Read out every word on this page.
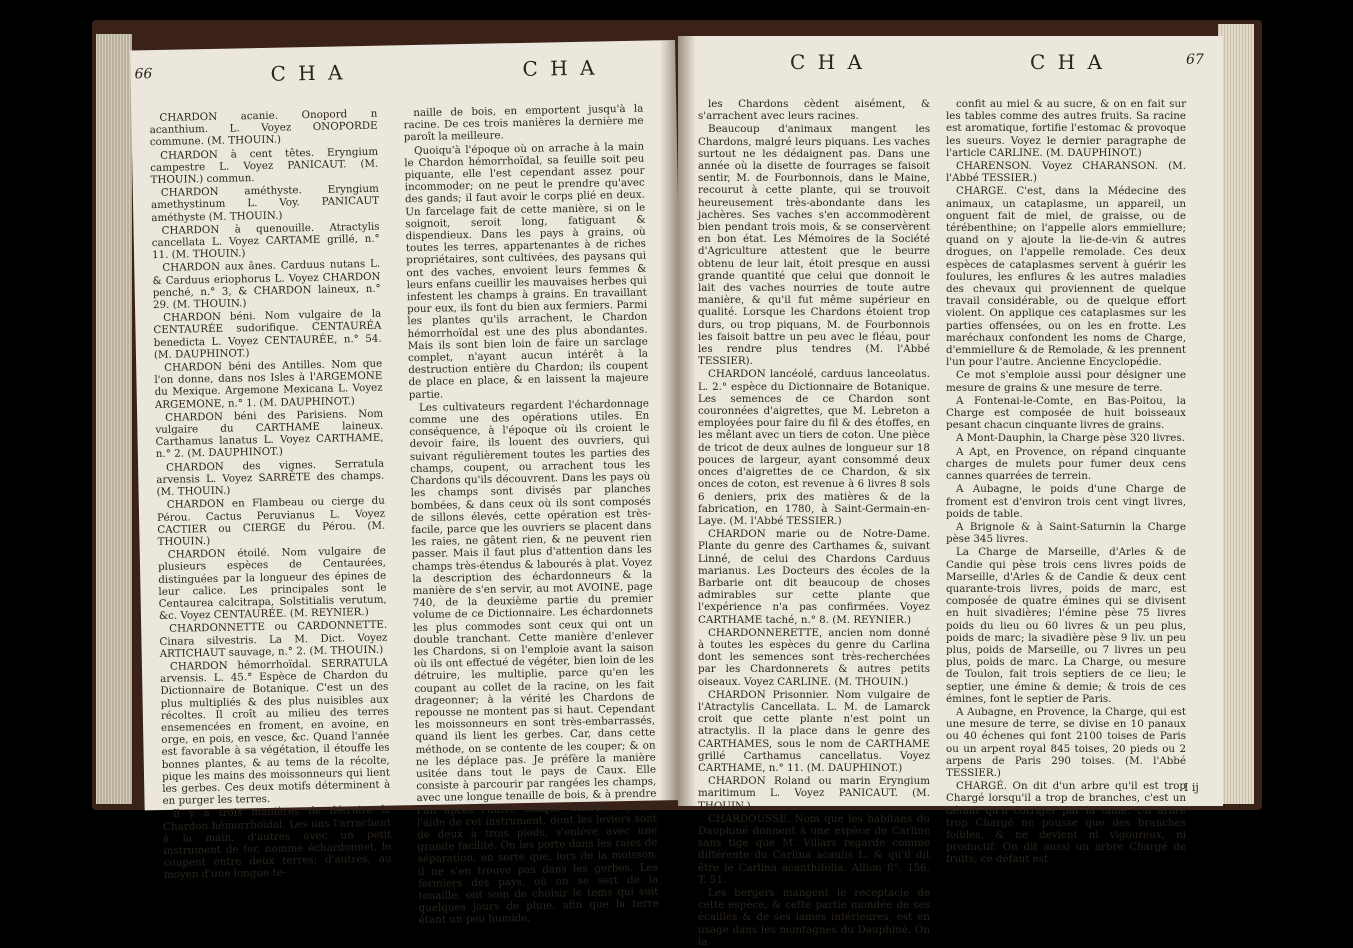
66	C H A	C H A

CHARDON acanie. Onopord n acanthium. L. Voyez ONOPORDE commune. (M. THOUIN.)

CHARDON à cent têtes. Eryngium campestre L. Voyez PANICAUT. (M. THOUIN.) commun.

CHARDON améthyste. Eryngium amethystinum L. Voy. PANICAUT améthyste (M. THOUIN.)

CHARDON à quenouille. Atractylis cancellata L. Voyez CARTAME grillé, n.° 11. (M. THOUIN.)

CHARDON aux ânes. Carduus nutans L. & Carduus eriophorus L. Voyez CHARDON penché, n.° 3, & CHARDON laineux, n.° 29. (M. THOUIN.)

CHARDON béni. Nom vulgaire de la CENTAURÉE sudorifique. CENTAURÉA benedicta L. Voyez CENTAURÉE, n.° 54. (M. DAUPHINOT.)

CHARDON béni des Antilles. Nom que l'on donne, dans nos Isles à l'ARGEMONE du Mexique. Argemone Mexicana L. Voyez ARGEMONE, n.° 1. (M. DAUPHINOT.)

CHARDON béni des Parisiens. Nom vulgaire du CARTHAME laineux. Carthamus lanatus L. Voyez CARTHAME, n.° 2. (M. DAUPHINOT.)

CHARDON des vignes. Serratula arvensis L. Voyez SARRÈTE des champs. (M. THOUIN.)

CHARDON en Flambeau ou cierge du Pérou. Cactus Peruvianus L. Voyez CACTIER ou CIERGE du Pérou. (M. THOUIN.)

CHARDON étoilé. Nom vulgaire de plusieurs espèces de Centaurées, distinguées par la longueur des épines de leur calice. Les principales sont le Centaurea calcitrapa, Solstitialis verutum, &c. Voyez CENTAURÉE. (M. REYNIER.)

CHARDONNETTE ou CARDONNETTE. Cinara silvestris. La M. Dict. Voyez ARTICHAUT sauvage, n.° 2. (M. THOUIN.)

CHARDON hémorrhoïdal. SERRATULA arvensis. L. 45.° Espèce de Chardon du Dictionnaire de Botanique. C'est un des plus multipliés & des plus nuisibles aux récoltes. Il croît au milieu des terres ensemencées en froment, en avoine, en orge, en pois, en vesce, &c. Quand l'année est favorable à sa végétation, il étouffe les bonnes plantes, & au tems de la récolte, pique les mains des moissonneurs qui lient les gerbes. Ces deux motifs déterminent à en purger les terres.

Il y a trois manières de détruire le Chardon hémorrhoïdal. Les uns l'arrachent à la main, d'autres avec un petit instrument de fer, nommé échardonnet, le coupent entre deux terres; d'autres, au moyen d'une longue te-

naille de bois, en emportent jusqu'à la racine. De ces trois manières la dernière me paroît la meilleure.

Quoiqu'à l'époque où on arrache à la main le Chardon hémorrhoïdal, sa feuille soit peu piquante, elle l'est cependant assez pour incommoder; on ne peut le prendre qu'avec des gands; il faut avoir le corps plié en deux. Un farcelage fait de cette manière, si on le soignoit, seroit long, fatiguant & dispendieux. Dans les pays à grains, où toutes les terres, appartenantes à de riches propriétaires, sont cultivées, des paysans qui ont des vaches, envoient leurs femmes & leurs enfans cueillir les mauvaises herbes qui infestent les champs à grains. En travaillant pour eux, ils font du bien aux fermiers. Parmi les plantes qu'ils arrachent, le Chardon hémorrhoïdal est une des plus abondantes. Mais ils sont bien loin de faire un sarclage complet, n'ayant aucun intérêt à la destruction entière du Chardon; ils coupent de place en place, & en laissent la majeure partie.

Les cultivateurs regardent l'échardonnage comme une des opérations utiles. En conséquence, à l'époque où ils croient le devoir faire, ils louent des ouvriers, qui suivant régulièrement toutes les parties des champs, coupent, ou arrachent tous les Chardons qu'ils découvrent. Dans les pays où les champs sont divisés par planches bombées, & dans ceux où ils sont composés de sillons élevés, cette opération est très-facile, parce que les ouvriers se placent dans les raies, ne gâtent rien, & ne peuvent rien passer. Mais il faut plus d'attention dans les champs très-étendus & labourés à plat. Voyez la description des échardonneurs & la manière de s'en servir, au mot AVOINE, page 740, de la deuxième partie du premier volume de ce Dictionnaire. Les échardonnets les plus commodes sont ceux qui ont un double tranchant. Cette manière d'enlever les Chardons, si on l'emploie avant la saison où ils ont effectué de végéter, bien loin de les détruire, les multiplie, parce qu'en les coupant au collet de la racine, on les fait drageonner; à la vérité les Chardons de repousse ne montent pas si haut. Cependant les moissonneurs en sont très-embarrassés, quand ils lient les gerbes. Car, dans cette méthode, on se contente de les couper; & on ne les déplace pas. Je préfère la manière usitée dans tout le pays de Caux. Elle consiste à parcourir par rangées les champs, avec une longue tenaille de bois, & à prendre l'un après l'autre chaque Chardon qui, à l'aide de cet instrument, dont les leviers sont de deux à trois pieds, s'enlève avec une grande facilité. On les porte dans les raies de séparation, en sorte que, lors de la moisson, il ne s'en trouve pas dans les gerbes. Les fermiers des pays, où on se sert de la tenaille, ont soin de choisir le tems qui suit quelques jours de pluie, afin que la terre étant un peu humide,

C H A	C H A	67

les Chardons cèdent aisément, & s'arrachent avec leurs racines.

Beaucoup d'animaux mangent les Chardons, malgré leurs piquans. Les vaches surtout ne les dédaignent pas. Dans une année où la disette de fourrages se faisoit sentir, M. de Fourbonnois, dans le Maine, recourut à cette plante, qui se trouvoit heureusement très-abondante dans les jachères. Ses vaches s'en accommodèrent bien pendant trois mois, & se conservèrent en bon état. Les Mémoires de la Société d'Agriculture attestent que le beurre obtenu de leur lait, étoit presque en aussi grande quantité que celui que donnoit le lait des vaches nourries de toute autre manière, & qu'il fut même supérieur en qualité. Lorsque les Chardons étoient trop durs, ou trop piquans, M. de Fourbonnois les faisoit battre un peu avec le fléau, pour les rendre plus tendres (M. l'Abbé TESSIER).

CHARDON lancéolé, carduus lanceolatus. L. 2.° espèce du Dictionnaire de Botanique. Les semences de ce Chardon sont couronnées d'aigrettes, que M. Lebreton a employées pour faire du fil & des étoffes, en les mêlant avec un tiers de coton. Une pièce de tricot de deux aulnes de longueur sur 18 pouces de largeur, ayant consommé deux onces d'aigrettes de ce Chardon, & six onces de coton, est revenue à 6 livres 8 sols 6 deniers, prix des matières & de la fabrication, en 1780, à Saint-Germain-en-Laye. (M. l'Abbé TESSIER.)

CHARDON marie ou de Notre-Dame. Plante du genre des Carthames &, suivant Linné, de celui des Chardons Carduus marianus. Les Docteurs des écoles de la Barbarie ont dit beaucoup de choses admirables sur cette plante que l'expérience n'a pas confirmées. Voyez CARTHAME taché, n.° 8. (M. REYNIER.)

CHARDONNERETTE, ancien nom donné à toutes les espèces du genre du Carlina dont les semences sont très-recherchées par les Chardonnerets & autres petits oiseaux. Voyez CARLINE. (M. THOUIN.)

CHARDON Prisonnier. Nom vulgaire de l'Atractylis Cancellata. L. M. de Lamarck croit que cette plante n'est point un atractylis. Il la place dans le genre des CARTHAMES, sous le nom de CARTHAME grillé Carthamus cancellatus. Voyez CARTHAME, n.° 11. (M. DAUPHINOT.)

CHARDON Roland ou marin Eryngium maritimum L. Voyez PANICAUT. (M. THOUIN.)

CHARDOUSSE. Nom que les habitans du Dauphiné donnent à une espèce de Carline sans tige que M. Villars regarde comme différente du Carlina acaulis L. & qu'il dit être le Carlina acanthifolia. Allion fl°. 156. T. 51.

Les bergers mangent le réceptacle de cette espèce, & cette partie mondée de ses écailles & de ses lames intérieures, est en usage dans les montagnes du Dauphiné. On la

confit au miel & au sucre, & on en fait sur les tables comme des autres fruits. Sa racine est aromatique, fortifie l'estomac & provoque les sueurs. Voyez le dernier paragraphe de l'article CARLINE. (M. DAUPHINOT.)

CHARENSON. Voyez CHARANSON. (M. l'Abbé TESSIER.)

CHARGE. C'est, dans la Médecine des animaux, un cataplasme, un appareil, un onguent fait de miel, de graisse, ou de térébenthine; on l'appelle alors emmiellure; quand on y ajoute la lie-de-vin & autres drogues, on l'appelle remolade. Ces deux espèces de cataplasmes servent à guérir les foulures, les enflures & les autres maladies des chevaux qui proviennent de quelque travail considérable, ou de quelque effort violent. On applique ces cataplasmes sur les parties offensées, ou on les en frotte. Les maréchaux confondent les noms de Charge, d'emmiellure & de Remolade, & les prennent l'un pour l'autre. Ancienne Encyclopédie.

Ce mot s'emploie aussi pour désigner une mesure de grains & une mesure de terre.

A Fontenai-le-Comte, en Bas-Poitou, la Charge est composée de huit boisseaux pesant chacun cinquante livres de grains.

A Mont-Dauphin, la Charge pèse 320 livres.

A Apt, en Provence, on répand cinquante charges de mulets pour fumer deux cens cannes quarrées de terrein.

A Aubagne, le poids d'une Charge de froment est d'environ trois cent vingt livres, poids de table.

A Brignole & à Saint-Saturnin la Charge pèse 345 livres.

La Charge de Marseille, d'Arles & de Candie qui pèse trois cens livres poids de Marseille, d'Arles & de Candie & deux cent quarante-trois livres, poids de marc, est composée de quatre émines qui se divisent en huit sivadières; l'émine pèse 75 livres poids du lieu ou 60 livres & un peu plus, poids de marc; la sivadière pèse 9 liv. un peu plus, poids de Marseille, ou 7 livres un peu plus, poids de marc. La Charge, ou mesure de Toulon, fait trois septiers de ce lieu; le septier, une émine & demie; & trois de ces émines, font le septier de Paris.

A Aubagne, en Provence, la Charge, qui est une mesure de terre, se divise en 10 panaux ou 40 échenes qui font 2100 toises de Paris ou un arpent royal 845 toises, 20 pieds ou 2 arpens de Paris 290 toises. (M. l'Abbé TESSIER.)

CHARGÉ. On dit d'un arbre qu'il est trop Chargé lorsqu'il a trop de branches, c'est un défaut qu'il corriger par la taille. Un arbre trop Chargé ne pousse que des branches foibles, & ne devient ni vigoureux, ni productif. On dit aussi un arbre Chargé de fruits; ce défaut est

I ij
